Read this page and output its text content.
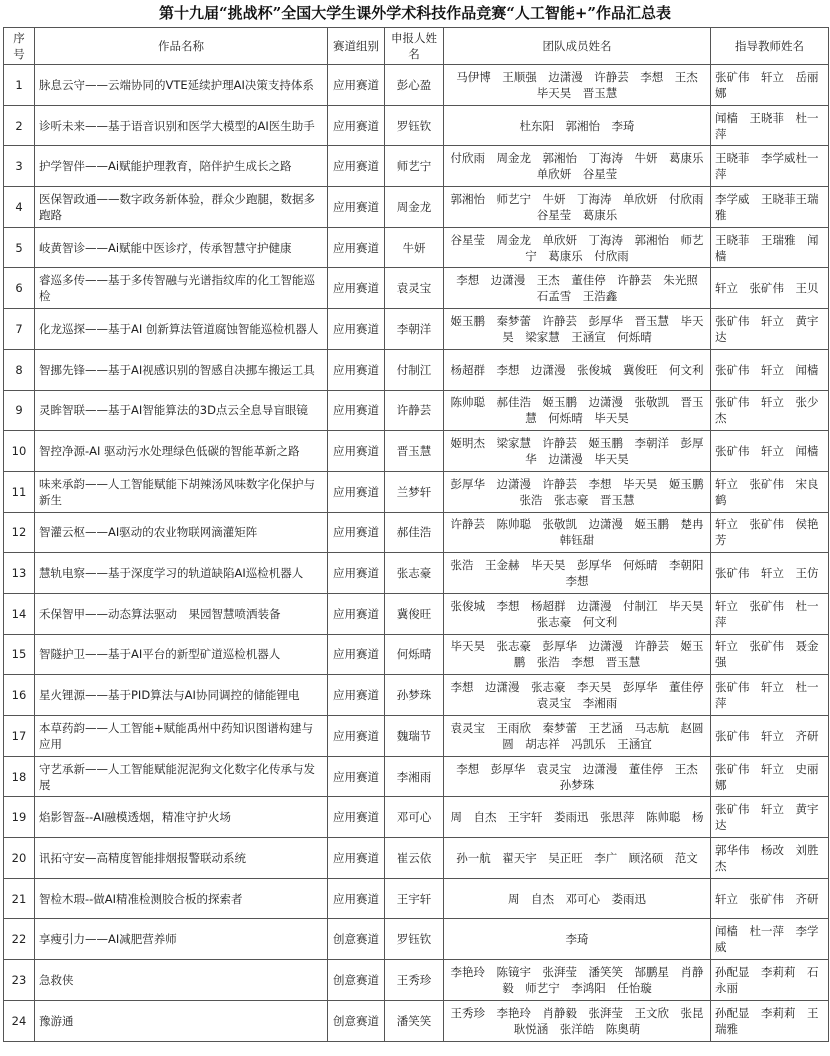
第十九届“挑战杯”全国大学生课外学术科技作品竞赛“人工智能+”作品汇总表
序号	作品名称	赛道组别	申报人姓名	团队成员姓名	指导教师姓名
1	脉息云守——云端协同的VTE延续护理AI决策支持体系	应用赛道	彭心盈	马伊博　王顺强　边潇漫　许静芸　李想　王杰　毕天昊　晋玉慧	张矿伟　轩立　岳丽娜
2	诊听未来——基于语音识别和医学大模型的AI医生助手	应用赛道	罗钰钦	杜东阳　郭湘怡　李琦	闻樯　王晓菲　杜一萍
3	护学智伴——Ai赋能护理教育，陪伴护生成长之路	应用赛道	师艺宁	付欣雨　周金龙　郭湘怡　丁海涛　牛妍　葛康乐　单欣妍　谷星莹	王晓菲　李学威杜一萍
4	医保智政通——数字政务新体验，群众少跑腿，数据多跑路	应用赛道	周金龙	郭湘怡　师艺宁　牛妍　丁海涛　单欣妍　付欣雨　谷星莹　葛康乐	李学威　王晓菲王瑞雅
5	岐黄智诊——Ai赋能中医诊疗，传承智慧守护健康	应用赛道	牛妍	谷星莹　周金龙　单欣妍　丁海涛　郭湘怡　师艺宁　葛康乐　付欣雨	王晓菲　王瑞雅　闻樯
6	睿巡多传——基于多传智融与光谱指纹库的化工智能巡检	应用赛道	袁灵宝	李想　边潇漫　王杰　董佳停　许静芸　朱光照　石孟雪　王浩鑫	轩立　张矿伟　王贝
7	化龙巡探——基于AI 创新算法管道腐蚀智能巡检机器人	应用赛道	李朝洋	姬玉鹏　秦梦蕾　许静芸　彭厚华　晋玉慧　毕天昊　梁家慧　王涵宣　何烁晴	张矿伟　轩立　黄宇达
8	智挪先锋——基于AI视感识别的智感自决挪车搬运工具	应用赛道	付制江	杨超群　李想　边潇漫　张俊城　冀俊旺　何文利	张矿伟　轩立　闻樯
9	灵眸智联——基于AI智能算法的3D点云全息导盲眼镜	应用赛道	许静芸	陈帅聪　郝佳浩　姬玉鹏　边潇漫　张敬凯　晋玉慧　何烁晴　毕天昊	张矿伟　轩立　张少杰
10	智控净源-AI 驱动污水处理绿色低碳的智能革新之路	应用赛道	晋玉慧	姬明杰　梁家慧　许静芸　姬玉鹏　李朝洋　彭厚华　边潇漫　毕天昊	张矿伟　轩立　闻樯
11	味来承韵——人工智能赋能下胡辣汤风味数字化保护与新生	应用赛道	兰梦轩	彭厚华　边潇漫　许静芸　李想　毕天昊　姬玉鹏　张浩　张志豪　晋玉慧	轩立　张矿伟　宋良鹤
12	智灌云枢——AI驱动的农业物联网滴灌矩阵	应用赛道	郝佳浩	许静芸　陈帅聪　张敬凯　边潇漫　姬玉鹏　楚冉　韩钰甜	轩立　张矿伟　侯艳芳
13	慧轨电察——基于深度学习的轨道缺陷AI巡检机器人	应用赛道	张志豪	张浩　王金赫　毕天昊　彭厚华　何烁晴　李朝阳　李想	张矿伟　轩立　王仿
14	禾保智甲——动态算法驱动　果园智慧喷洒装备	应用赛道	冀俊旺	张俊城　李想　杨超群　边潇漫　付制江　毕天昊　张志豪　何文利	轩立　张矿伟　杜一萍
15	智隧护卫——基于AI平台的新型矿道巡检机器人	应用赛道	何烁晴	毕天昊　张志豪　彭厚华　边潇漫　许静芸　姬玉鹏　张浩　李想　晋玉慧	轩立　张矿伟　聂金强
16	星火锂源——基于PID算法与AI协同调控的储能锂电	应用赛道	孙梦珠	李想　边潇漫　张志豪　李天昊　彭厚华　董佳停　袁灵宝　李湘雨	张矿伟　轩立　杜一萍
17	本草药韵——人工智能+赋能禹州中药知识图谱构建与应用	应用赛道	魏瑞节	袁灵宝　王雨欣　秦梦蕾　王艺涵　马志航　赵圆圆　胡志祥　冯凯乐　王涵宜	张矿伟　轩立　齐研
18	守艺承新——人工智能赋能泥泥狗文化数字化传承与发展	应用赛道	李湘雨	李想　彭厚华　袁灵宝　边潇漫　董佳停　王杰　孙梦珠	张矿伟　轩立　史丽娜
19	焰影智盔--AI融模透烟，精准守护火场	应用赛道	邓可心	周　自杰　王宇轩　娄雨迅　张思萍　陈帅聪　杨	张矿伟　轩立　黄宇达
20	讯拓守安—高精度智能排烟报警联动系统	应用赛道	崔云依	孙一航　翟天宇　吴正旺　李广　顾洺硕　范文	郭华伟　杨改　刘胜杰
21	智检木瑕--做AI精准检测胶合板的探索者	应用赛道	王宇轩	周　自杰　邓可心　娄雨迅	轩立　张矿伟　齐研
22	享瘦引力——AI减肥营养师	创意赛道	罗钰钦	李琦	闻樯　杜一萍　李学威
23	急救侠	创意赛道	王秀珍	李艳玲　陈镜宇　张湃莹　潘笑笑　郜鹏星　肖静毅　师艺宁　李鸿阳　任怡璇	孙配显　李莉莉　石永丽
24	豫游通	创意赛道	潘笑笑	王秀珍　李艳玲　肖静毅　张湃莹　王文欣　张昆　耿悦涵　张洋皓　陈奥萌	孙配显　李莉莉　王瑞雅
